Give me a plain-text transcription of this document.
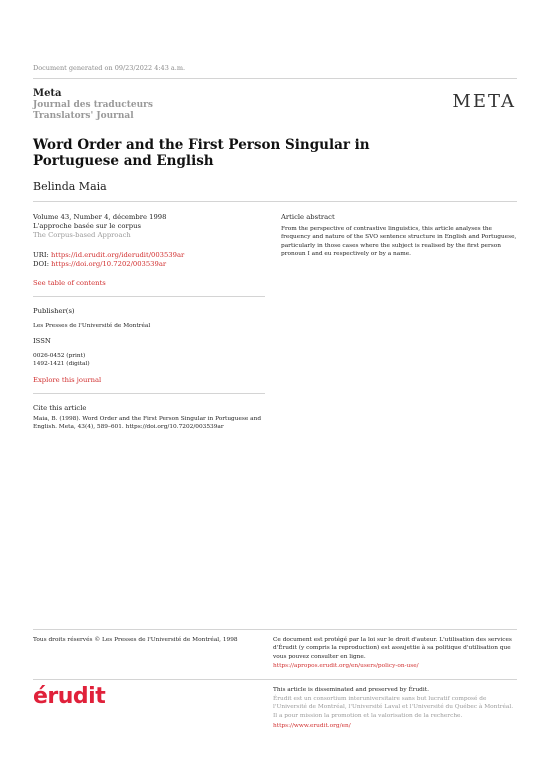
Document generated on 09/23/2022 4:43 a.m.
Meta
Journal des traducteurs
Translators' Journal
META
Word Order and the First Person Singular in Portuguese and English
Belinda Maia
Volume 43, Number 4, décembre 1998
L'approche basée sur le corpus
The Corpus-based Approach
URI: https://id.erudit.org/iderudit/003539ar
DOI: https://doi.org/10.7202/003539ar
See table of contents
Publisher(s)
Les Presses de l'Université de Montréal
ISSN
0026-0452 (print)
1492-1421 (digital)
Explore this journal
Cite this article
Maia, B. (1998). Word Order and the First Person Singular in Portuguese and English. Meta, 43(4), 589–601. https://doi.org/10.7202/003539ar
Article abstract
From the perspective of contrastive linguistics, this article analyses the frequency and nature of the SVO sentence structure in English and Portuguese, particularly in those cases where the subject is realised by the first person pronoun I and eu respectively or by a name.
Tous droits réservés © Les Presses de l'Université de Montréal, 1998	Ce document est protégé par la loi sur le droit d'auteur. L'utilisation des services d'Érudit (y compris la reproduction) est assujettie à sa politique d'utilisation que vous pouvez consulter en ligne.
https://apropos.erudit.org/en/users/policy-on-use/
érudit	This article is disseminated and preserved by Érudit.
Érudit est un consortium interuniversitaire sans but lucratif composé de l'Université de Montréal, l'Université Laval et l'Université du Québec à Montréal. Il a pour mission la promotion et la valorisation de la recherche.
https://www.erudit.org/en/
